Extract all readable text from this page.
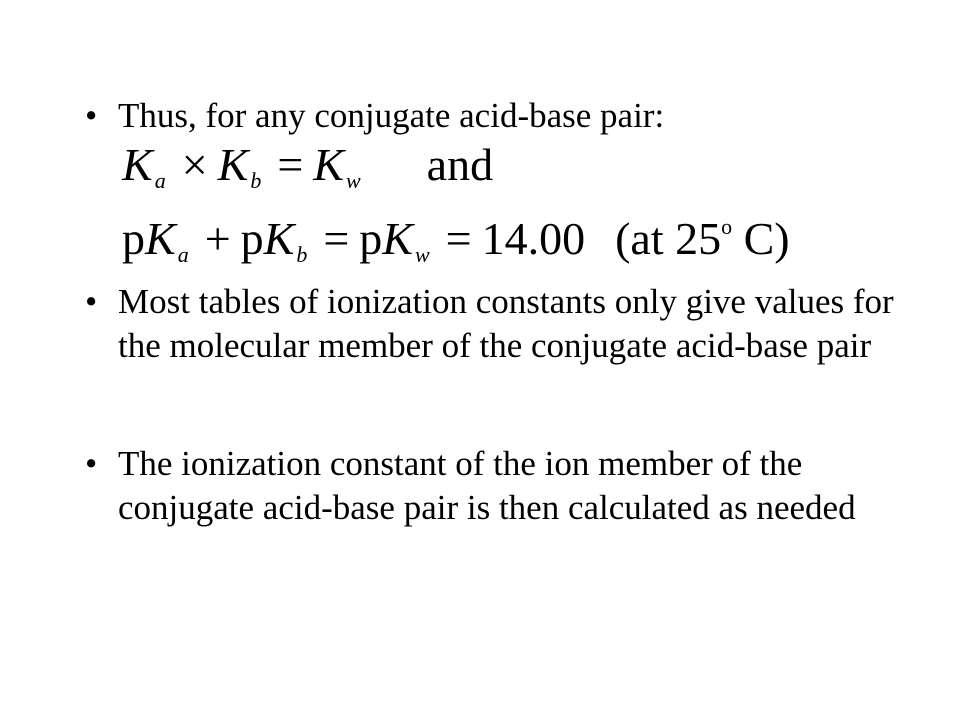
• Thus, for any conjugate acid-base pair:
$K_a \times K_b = K_w$ and
$pK_a + pK_b = pK_w = 14.00$ (at 25$^o$ C)
• Most tables of ionization constants only give values for the molecular member of the conjugate acid-base pair
• The ionization constant of the ion member of the conjugate acid-base pair is then calculated as needed
